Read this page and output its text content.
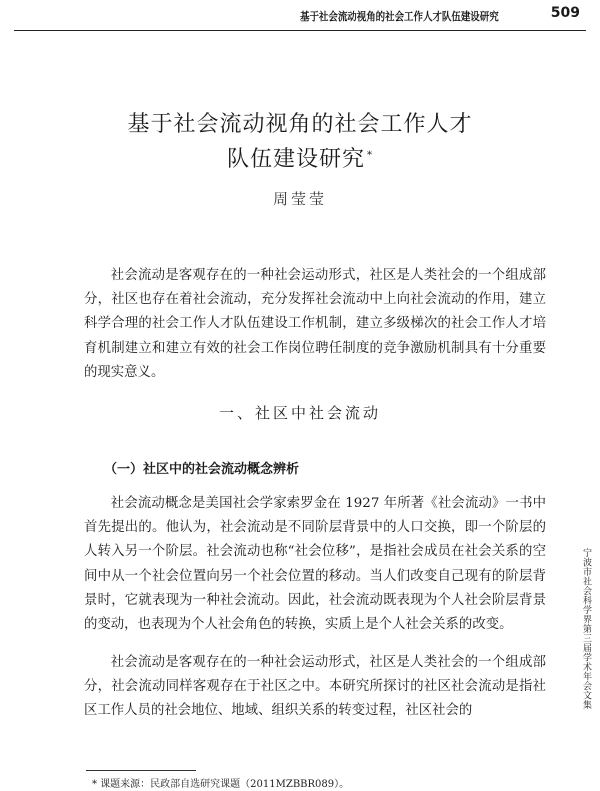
基于社会流动视角的社会工作人才队伍建设研究	509
基于社会流动视角的社会工作人才
队伍建设研究 *
周莹莹

社会流动是客观存在的一种社会运动形式，社区是人类社会的一个组成部分，社区也存在着社会流动，充分发挥社会流动中上向社会流动的作用，建立科学合理的社会工作人才队伍建设工作机制，建立多级梯次的社会工作人才培育机制建立和建立有效的社会工作岗位聘任制度的竞争激励机制具有十分重要的现实意义。

一、社区中社会流动
（一）社区中的社会流动概念辨析

社会流动概念是美国社会学家索罗金在 1927 年所著《社会流动》一书中首先提出的。他认为，社会流动是不同阶层背景中的人口交换，即一个阶层的人转入另一个阶层。社会流动也称“社会位移”，是指社会成员在社会关系的空间中从一个社会位置向另一个社会位置的移动。当人们改变自己现有的阶层背景时，它就表现为一种社会流动。因此，社会流动既表现为个人社会阶层背景的变动，也表现为个人社会角色的转换，实质上是个人社会关系的改变。

社会流动是客观存在的一种社会运动形式，社区是人类社会的一个组成部分，社会流动同样客观存在于社区之中。本研究所探讨的社区社会流动是指社区工作人员的社会地位、地域、组织关系的转变过程，社区社会的

* 课题来源：民政部自选研究课题（2011MZBBR089）。
宁波市社会科学界第三届学术年会文集
